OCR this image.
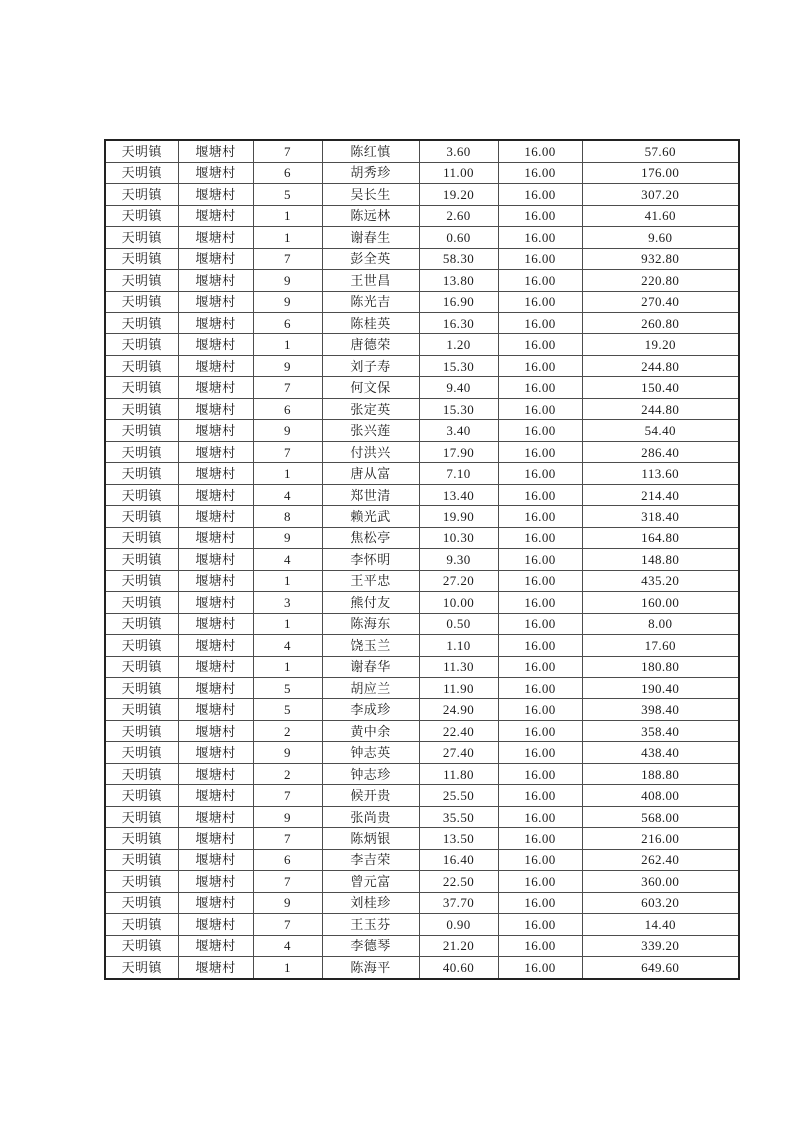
天明镇	堰塘村	7	陈红慎	3.60	16.00	57.60
天明镇	堰塘村	6	胡秀珍	11.00	16.00	176.00
天明镇	堰塘村	5	吴长生	19.20	16.00	307.20
天明镇	堰塘村	1	陈远林	2.60	16.00	41.60
天明镇	堰塘村	1	谢春生	0.60	16.00	9.60
天明镇	堰塘村	7	彭全英	58.30	16.00	932.80
天明镇	堰塘村	9	王世昌	13.80	16.00	220.80
天明镇	堰塘村	9	陈光吉	16.90	16.00	270.40
天明镇	堰塘村	6	陈桂英	16.30	16.00	260.80
天明镇	堰塘村	1	唐德荣	1.20	16.00	19.20
天明镇	堰塘村	9	刘子寿	15.30	16.00	244.80
天明镇	堰塘村	7	何文保	9.40	16.00	150.40
天明镇	堰塘村	6	张定英	15.30	16.00	244.80
天明镇	堰塘村	9	张兴莲	3.40	16.00	54.40
天明镇	堰塘村	7	付洪兴	17.90	16.00	286.40
天明镇	堰塘村	1	唐从富	7.10	16.00	113.60
天明镇	堰塘村	4	郑世清	13.40	16.00	214.40
天明镇	堰塘村	8	赖光武	19.90	16.00	318.40
天明镇	堰塘村	9	焦松亭	10.30	16.00	164.80
天明镇	堰塘村	4	李怀明	9.30	16.00	148.80
天明镇	堰塘村	1	王平忠	27.20	16.00	435.20
天明镇	堰塘村	3	熊付友	10.00	16.00	160.00
天明镇	堰塘村	1	陈海东	0.50	16.00	8.00
天明镇	堰塘村	4	饶玉兰	1.10	16.00	17.60
天明镇	堰塘村	1	谢春华	11.30	16.00	180.80
天明镇	堰塘村	5	胡应兰	11.90	16.00	190.40
天明镇	堰塘村	5	李成珍	24.90	16.00	398.40
天明镇	堰塘村	2	黄中余	22.40	16.00	358.40
天明镇	堰塘村	9	钟志英	27.40	16.00	438.40
天明镇	堰塘村	2	钟志珍	11.80	16.00	188.80
天明镇	堰塘村	7	候开贵	25.50	16.00	408.00
天明镇	堰塘村	9	张尚贵	35.50	16.00	568.00
天明镇	堰塘村	7	陈炳银	13.50	16.00	216.00
天明镇	堰塘村	6	李吉荣	16.40	16.00	262.40
天明镇	堰塘村	7	曾元富	22.50	16.00	360.00
天明镇	堰塘村	9	刘桂珍	37.70	16.00	603.20
天明镇	堰塘村	7	王玉芬	0.90	16.00	14.40
天明镇	堰塘村	4	李德琴	21.20	16.00	339.20
天明镇	堰塘村	1	陈海平	40.60	16.00	649.60
